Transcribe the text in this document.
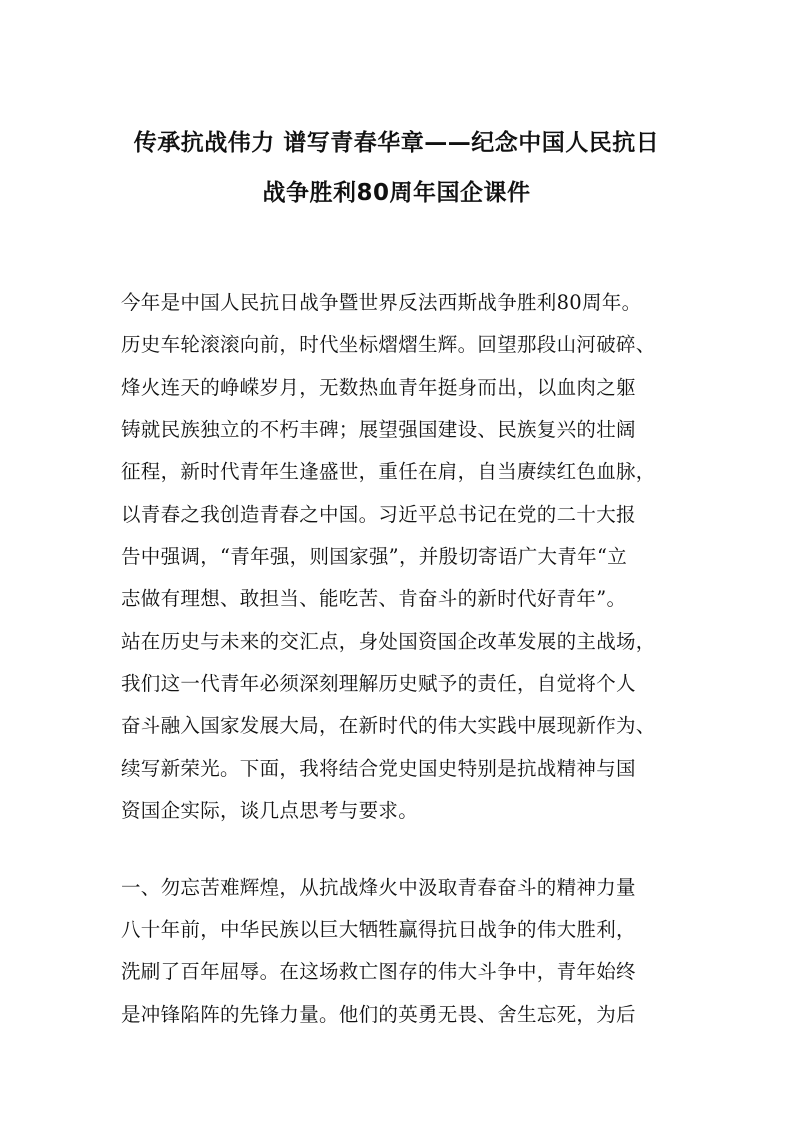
传承抗战伟力 谱写青春华章——纪念中国人民抗日
战争胜利80周年国企课件
今年是中国人民抗日战争暨世界反法西斯战争胜利80周年。
历史车轮滚滚向前，时代坐标熠熠生辉。回望那段山河破碎、
烽火连天的峥嵘岁月，无数热血青年挺身而出，以血肉之躯
铸就民族独立的不朽丰碑；展望强国建设、民族复兴的壮阔
征程，新时代青年生逢盛世，重任在肩，自当赓续红色血脉，
以青春之我创造青春之中国。习近平总书记在党的二十大报
告中强调，“青年强，则国家强”，并殷切寄语广大青年“立
志做有理想、敢担当、能吃苦、肯奋斗的新时代好青年”。
站在历史与未来的交汇点，身处国资国企改革发展的主战场，
我们这一代青年必须深刻理解历史赋予的责任，自觉将个人
奋斗融入国家发展大局，在新时代的伟大实践中展现新作为、
续写新荣光。下面，我将结合党史国史特别是抗战精神与国
资国企实际，谈几点思考与要求。
一、勿忘苦难辉煌，从抗战烽火中汲取青春奋斗的精神力量
八十年前，中华民族以巨大牺牲赢得抗日战争的伟大胜利，
洗刷了百年屈辱。在这场救亡图存的伟大斗争中，青年始终
是冲锋陷阵的先锋力量。他们的英勇无畏、舍生忘死，为后
